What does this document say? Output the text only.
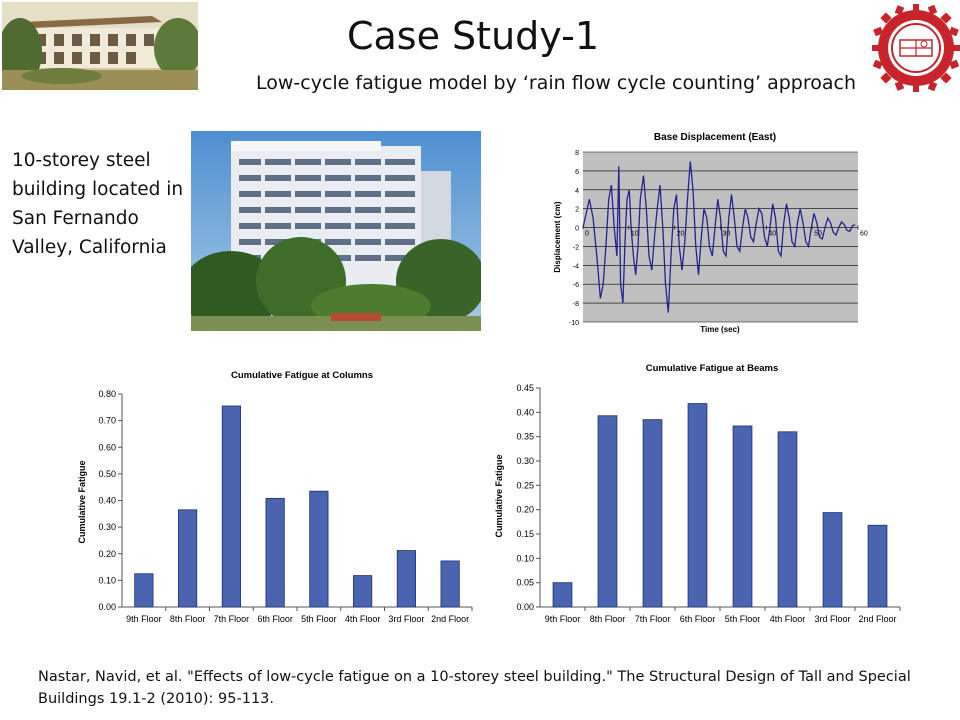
Case Study-1
Low-cycle fatigue model by ‘rain flow cycle counting’ approach
10-storey steel building located in San Fernando Valley, California
Base Displacement (East)
8
6
4
2
0
-2
-4
-6
-8
-10
0	10	20	30	40	50	60
Displacement (cm)
Time (sec)
Cumulative Fatigue at Columns
Cumulative Fatigue
0.00
0.10
0.20
0.30
0.40
0.50
0.60
0.70
0.80
9th Floor 8th Floor 7th Floor 6th Floor 5th Floor 4th Floor 3rd Floor 2nd Floor
Cumulative Fatigue at Beams
Cumulative Fatigue
0.00
0.05
0.10
0.15
0.20
0.25
0.30
0.35
0.40
0.45
9th Floor 8th Floor 7th Floor 6th Floor 5th Floor 4th Floor 3rd Floor 2nd Floor
Nastar, Navid, et al. "Effects of low-cycle fatigue on a 10-storey steel building." The Structural Design of Tall and Special Buildings 19.1-2 (2010): 95-113.
